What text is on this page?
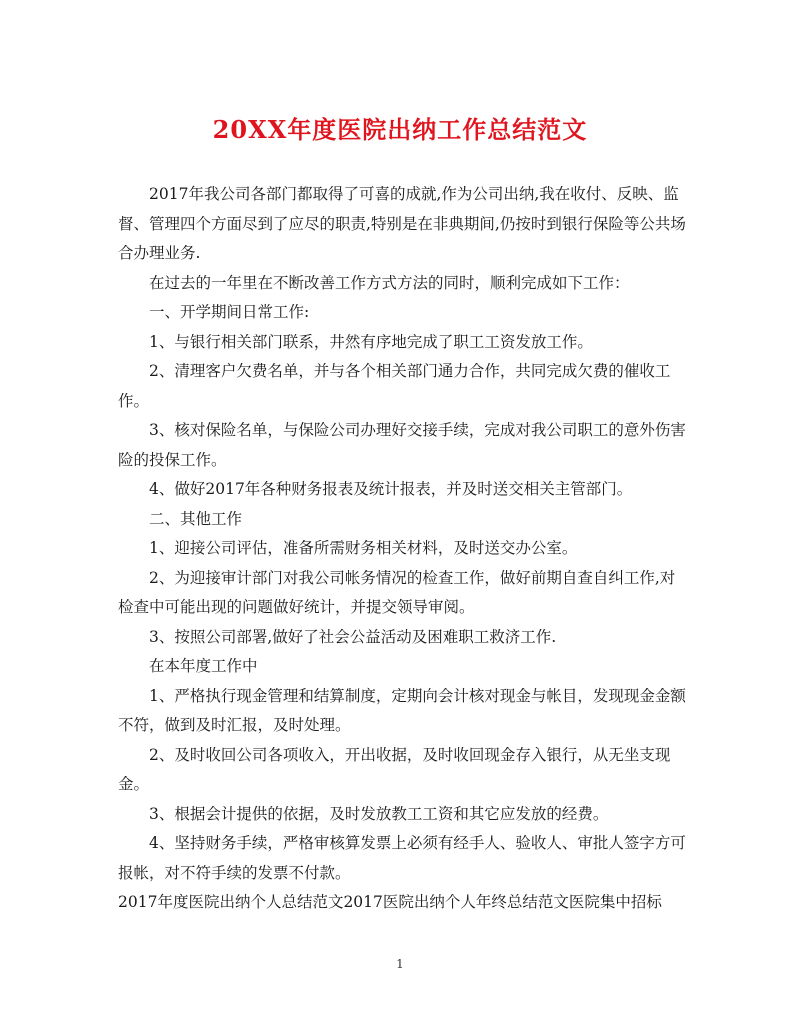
20XX年度医院出纳工作总结范文

2017年我公司各部门都取得了可喜的成就,作为公司出纳,我在收付、反映、监督、管理四个方面尽到了应尽的职责,特别是在非典期间,仍按时到银行保险等公共场合办理业务.

在过去的一年里在不断改善工作方式方法的同时，顺利完成如下工作：

一、开学期间日常工作:

1、与银行相关部门联系，井然有序地完成了职工工资发放工作。

2、清理客户欠费名单，并与各个相关部门通力合作，共同完成欠费的催收工作。

3、核对保险名单，与保险公司办理好交接手续，完成对我公司职工的意外伤害险的投保工作。

4、做好2017年各种财务报表及统计报表，并及时送交相关主管部门。

二、其他工作

1、迎接公司评估，准备所需财务相关材料，及时送交办公室。

2、为迎接审计部门对我公司帐务情况的检查工作，做好前期自查自纠工作,对检查中可能出现的问题做好统计，并提交领导审阅。

3、按照公司部署,做好了社会公益活动及困难职工救济工作.

在本年度工作中

1、严格执行现金管理和结算制度，定期向会计核对现金与帐目，发现现金金额不符，做到及时汇报，及时处理。

2、及时收回公司各项收入，开出收据，及时收回现金存入银行，从无坐支现金。

3、根据会计提供的依据，及时发放教工工资和其它应发放的经费。

4、坚持财务手续，严格审核算发票上必须有经手人、验收人、审批人签字方可报帐，对不符手续的发票不付款。

2017年度医院出纳个人总结范文2017医院出纳个人年终总结范文医院集中招标

1
